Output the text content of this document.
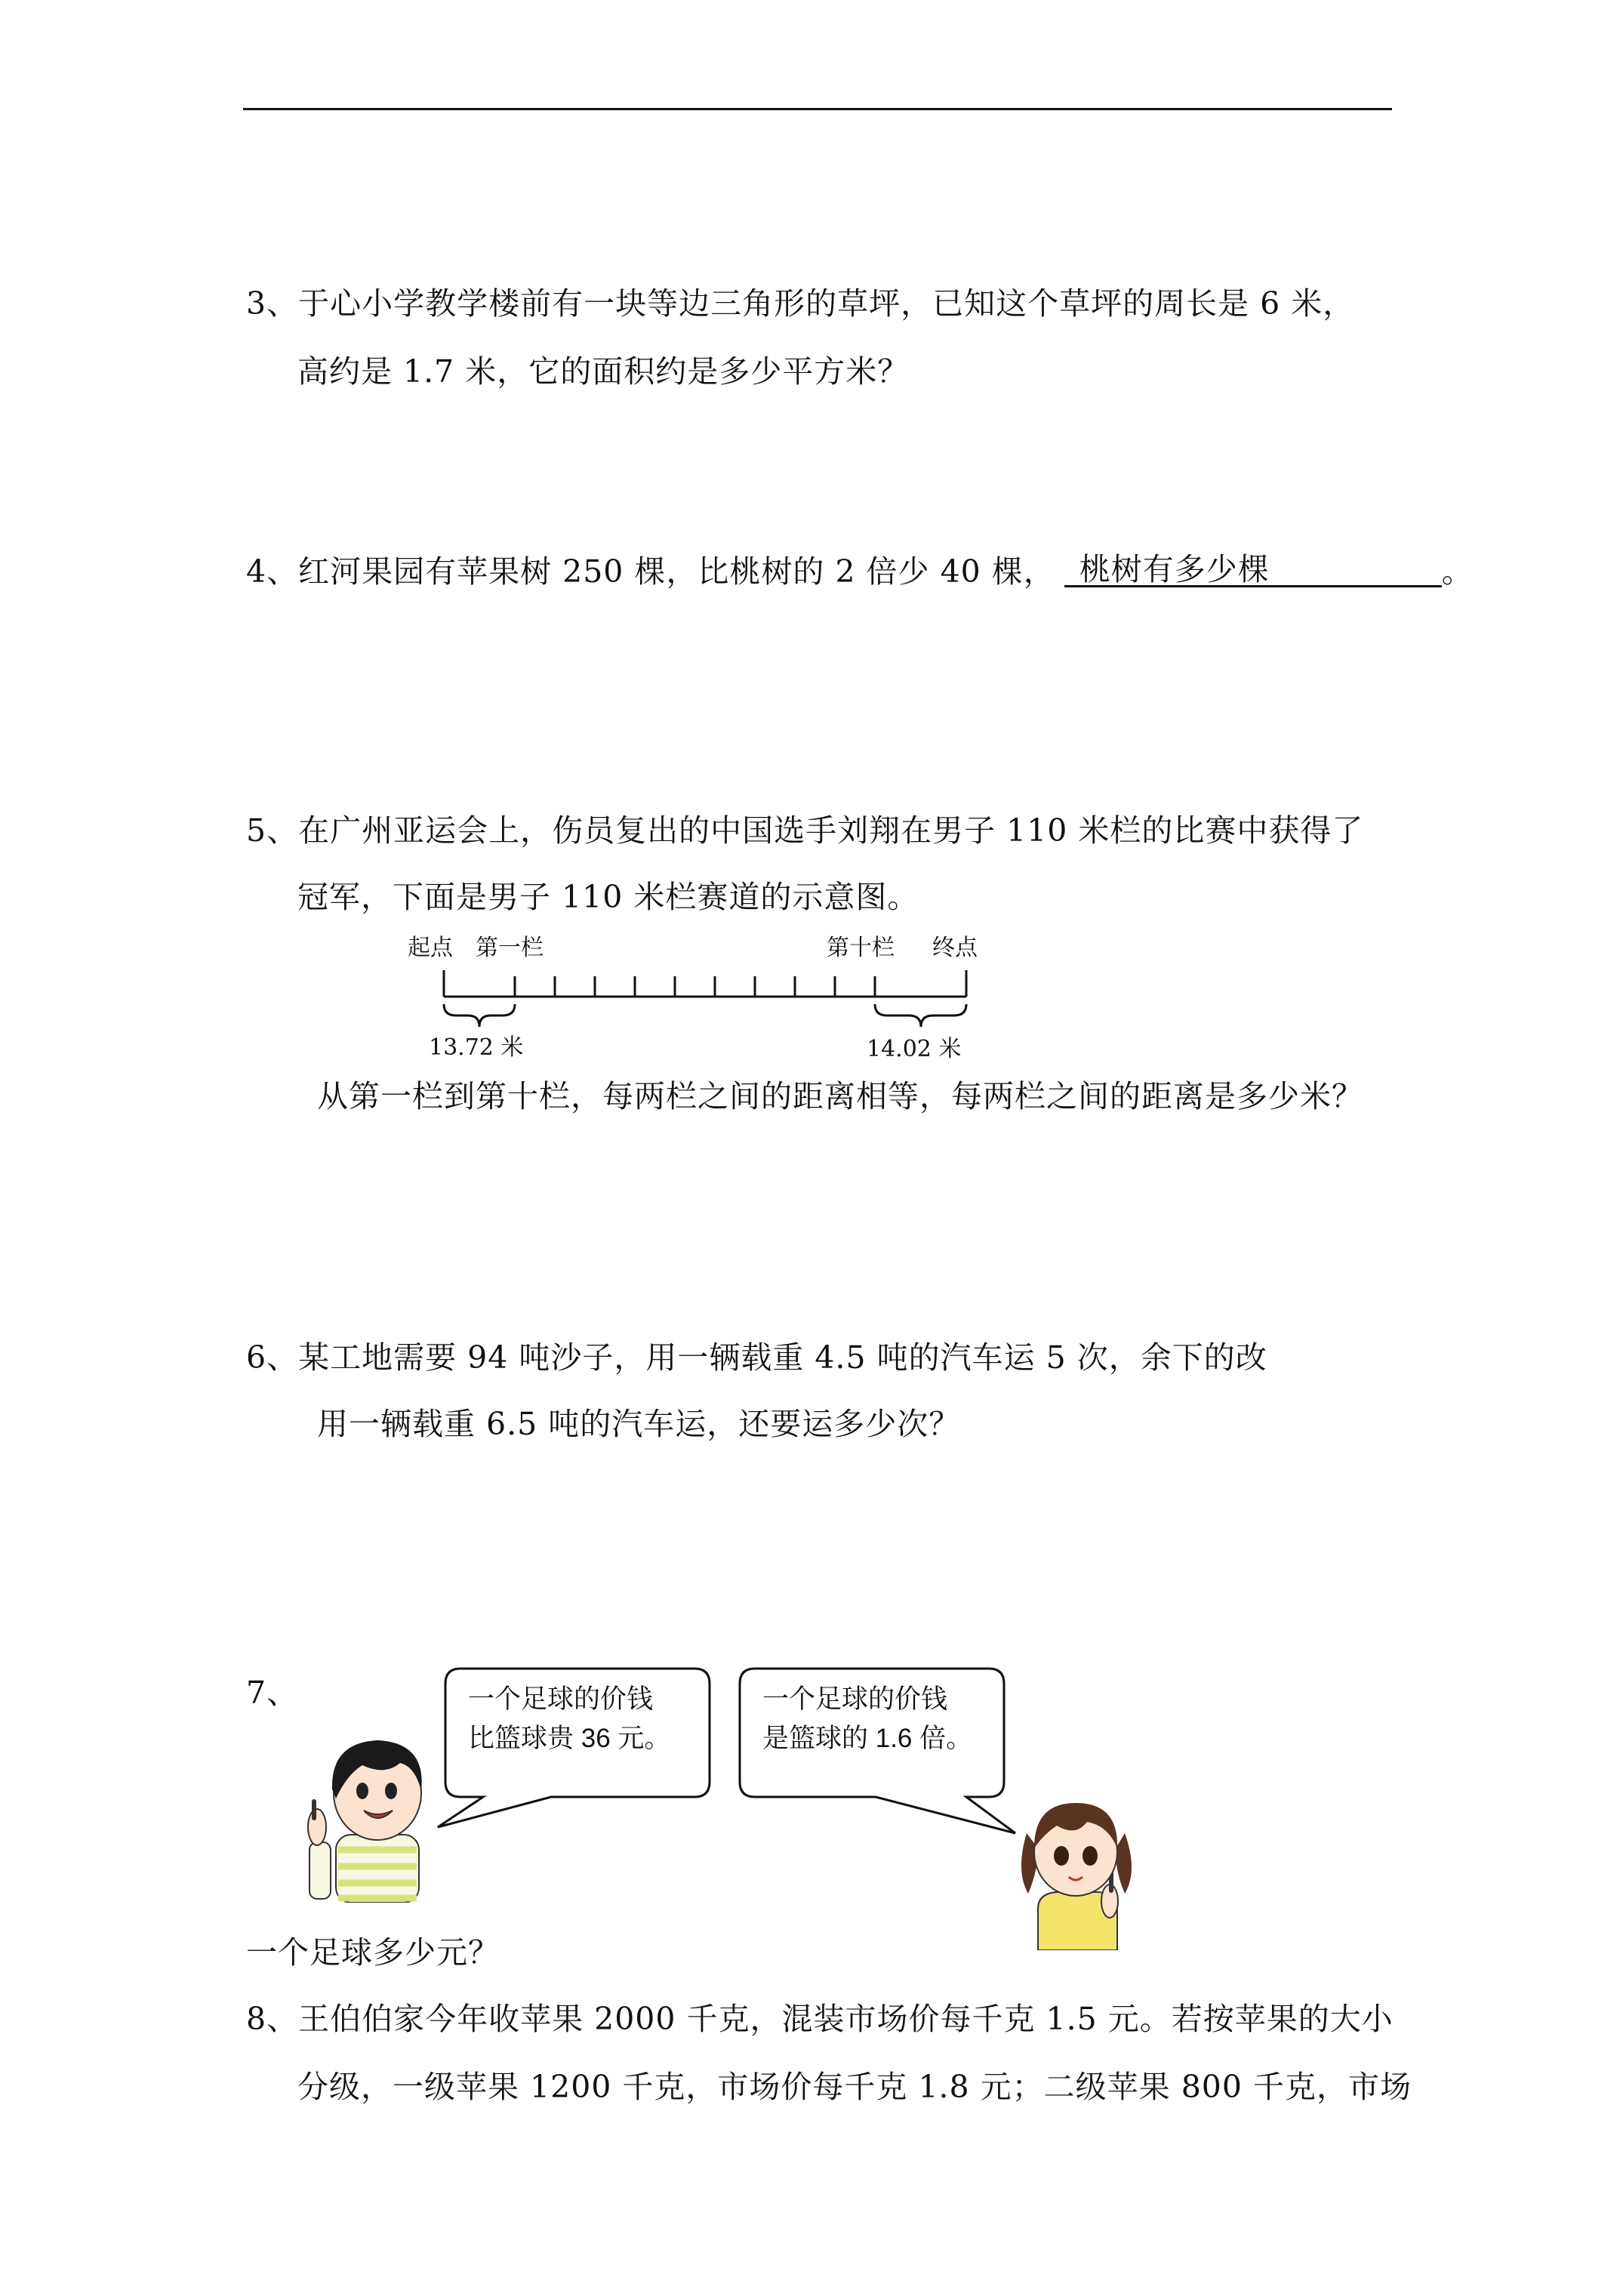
3、于心小学教学楼前有一块等边三角形的草坪，已知这个草坪的周长是 6 米，
高约是 1.7 米，它的面积约是多少平方米？
4、红河果园有苹果树 250 棵，比桃树的 2 倍少 40 棵， 桃树有多少棵	。
5、在广州亚运会上，伤员复出的中国选手刘翔在男子 110 米栏的比赛中获得了
冠军，下面是男子 110 米栏赛道的示意图。
起点 第一栏	第十栏 终点
13.72 米	14.02 米
从第一栏到第十栏，每两栏之间的距离相等，每两栏之间的距离是多少米？
6、某工地需要 94 吨沙子，用一辆载重 4.5 吨的汽车运 5 次，余下的改
用一辆载重 6.5 吨的汽车运，还要运多少次？
7、	一个足球的价钱
比篮球贵 36 元。
一个足球的价钱
是篮球的 1.6 倍。
一个足球多少元？
8、王伯伯家今年收苹果 2000 千克，混装市场价每千克 1.5 元。若按苹果的大小
分级，一级苹果 1200 千克，市场价每千克 1.8 元；二级苹果 800 千克，市场
